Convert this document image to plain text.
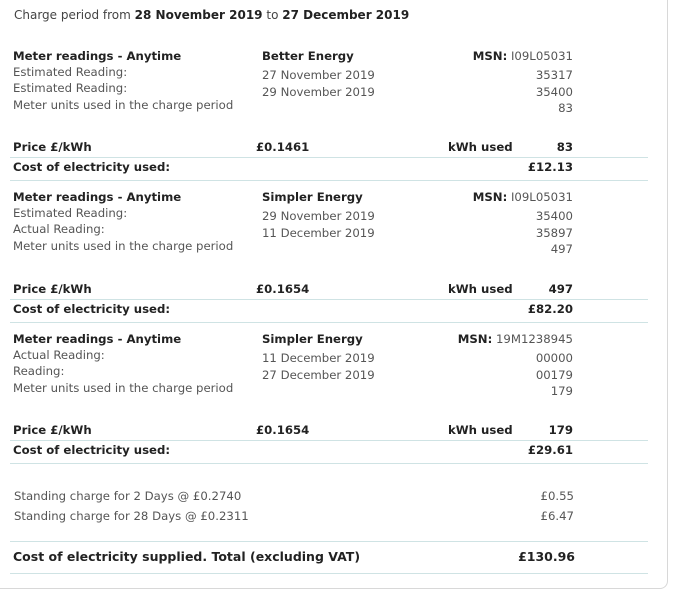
Charge period from 28 November 2019 to 27 December 2019
Meter readings - Anytime	Better Energy	MSN: I09L05031
Estimated Reading:	27 November 2019	35317
Estimated Reading:	29 November 2019	35400
Meter units used in the charge period	83
Price £/kWh	£0.1461	kWh used	83
Cost of electricity used:	£12.13
Meter readings - Anytime	Simpler Energy	MSN: I09L05031
Estimated Reading:	29 November 2019	35400
Actual Reading:	11 December 2019	35897
Meter units used in the charge period	497
Price £/kWh	£0.1654	kWh used	497
Cost of electricity used:	£82.20
Meter readings - Anytime	Simpler Energy	MSN: 19M1238945
Actual Reading:	11 December 2019	00000
Reading:	27 December 2019	00179
Meter units used in the charge period	179
Price £/kWh	£0.1654	kWh used	179
Cost of electricity used:	£29.61
Standing charge for 2 Days @ £0.2740	£0.55
Standing charge for 28 Days @ £0.2311	£6.47
Cost of electricity supplied. Total (excluding VAT)	£130.96
